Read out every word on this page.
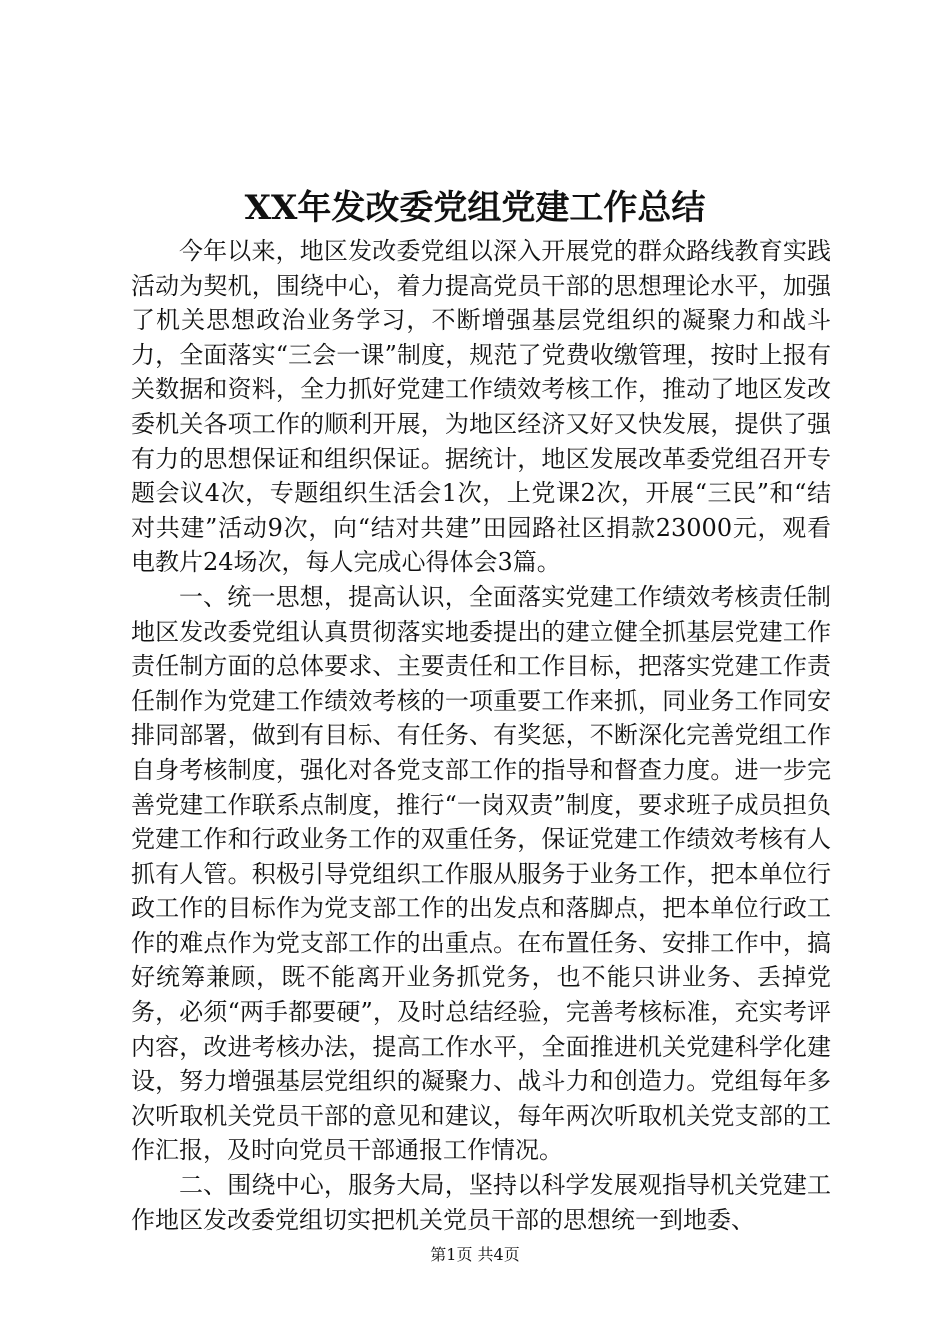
XX年发改委党组党建工作总结

今年以来，地区发改委党组以深入开展党的群众路线教育实践活动为契机，围绕中心，着力提高党员干部的思想理论水平，加强了机关思想政治业务学习，不断增强基层党组织的凝聚力和战斗力，全面落实“三会一课”制度，规范了党费收缴管理，按时上报有关数据和资料，全力抓好党建工作绩效考核工作，推动了地区发改委机关各项工作的顺利开展，为地区经济又好又快发展，提供了强有力的思想保证和组织保证。据统计，地区发展改革委党组召开专题会议4次，专题组织生活会1次，上党课2次，开展“三民”和“结对共建”活动9次，向“结对共建”田园路社区捐款23000元，观看电教片24场次，每人完成心得体会3篇。

一、统一思想，提高认识，全面落实党建工作绩效考核责任制地区发改委党组认真贯彻落实地委提出的建立健全抓基层党建工作责任制方面的总体要求、主要责任和工作目标，把落实党建工作责任制作为党建工作绩效考核的一项重要工作来抓，同业务工作同安排同部署，做到有目标、有任务、有奖惩，不断深化完善党组工作自身考核制度，强化对各党支部工作的指导和督查力度。进一步完善党建工作联系点制度，推行“一岗双责”制度，要求班子成员担负党建工作和行政业务工作的双重任务，保证党建工作绩效考核有人抓有人管。积极引导党组织工作服从服务于业务工作，把本单位行政工作的目标作为党支部工作的出发点和落脚点，把本单位行政工作的难点作为党支部工作的出重点。在布置任务、安排工作中，搞好统筹兼顾，既不能离开业务抓党务，也不能只讲业务、丢掉党务，必须“两手都要硬”，及时总结经验，完善考核标准，充实考评内容，改进考核办法，提高工作水平，全面推进机关党建科学化建设，努力增强基层党组织的凝聚力、战斗力和创造力。党组每年多次听取机关党员干部的意见和建议，每年两次听取机关党支部的工作汇报，及时向党员干部通报工作情况。

二、围绕中心，服务大局，坚持以科学发展观指导机关党建工作地区发改委党组切实把机关党员干部的思想统一到地委、

第1页 共4页
